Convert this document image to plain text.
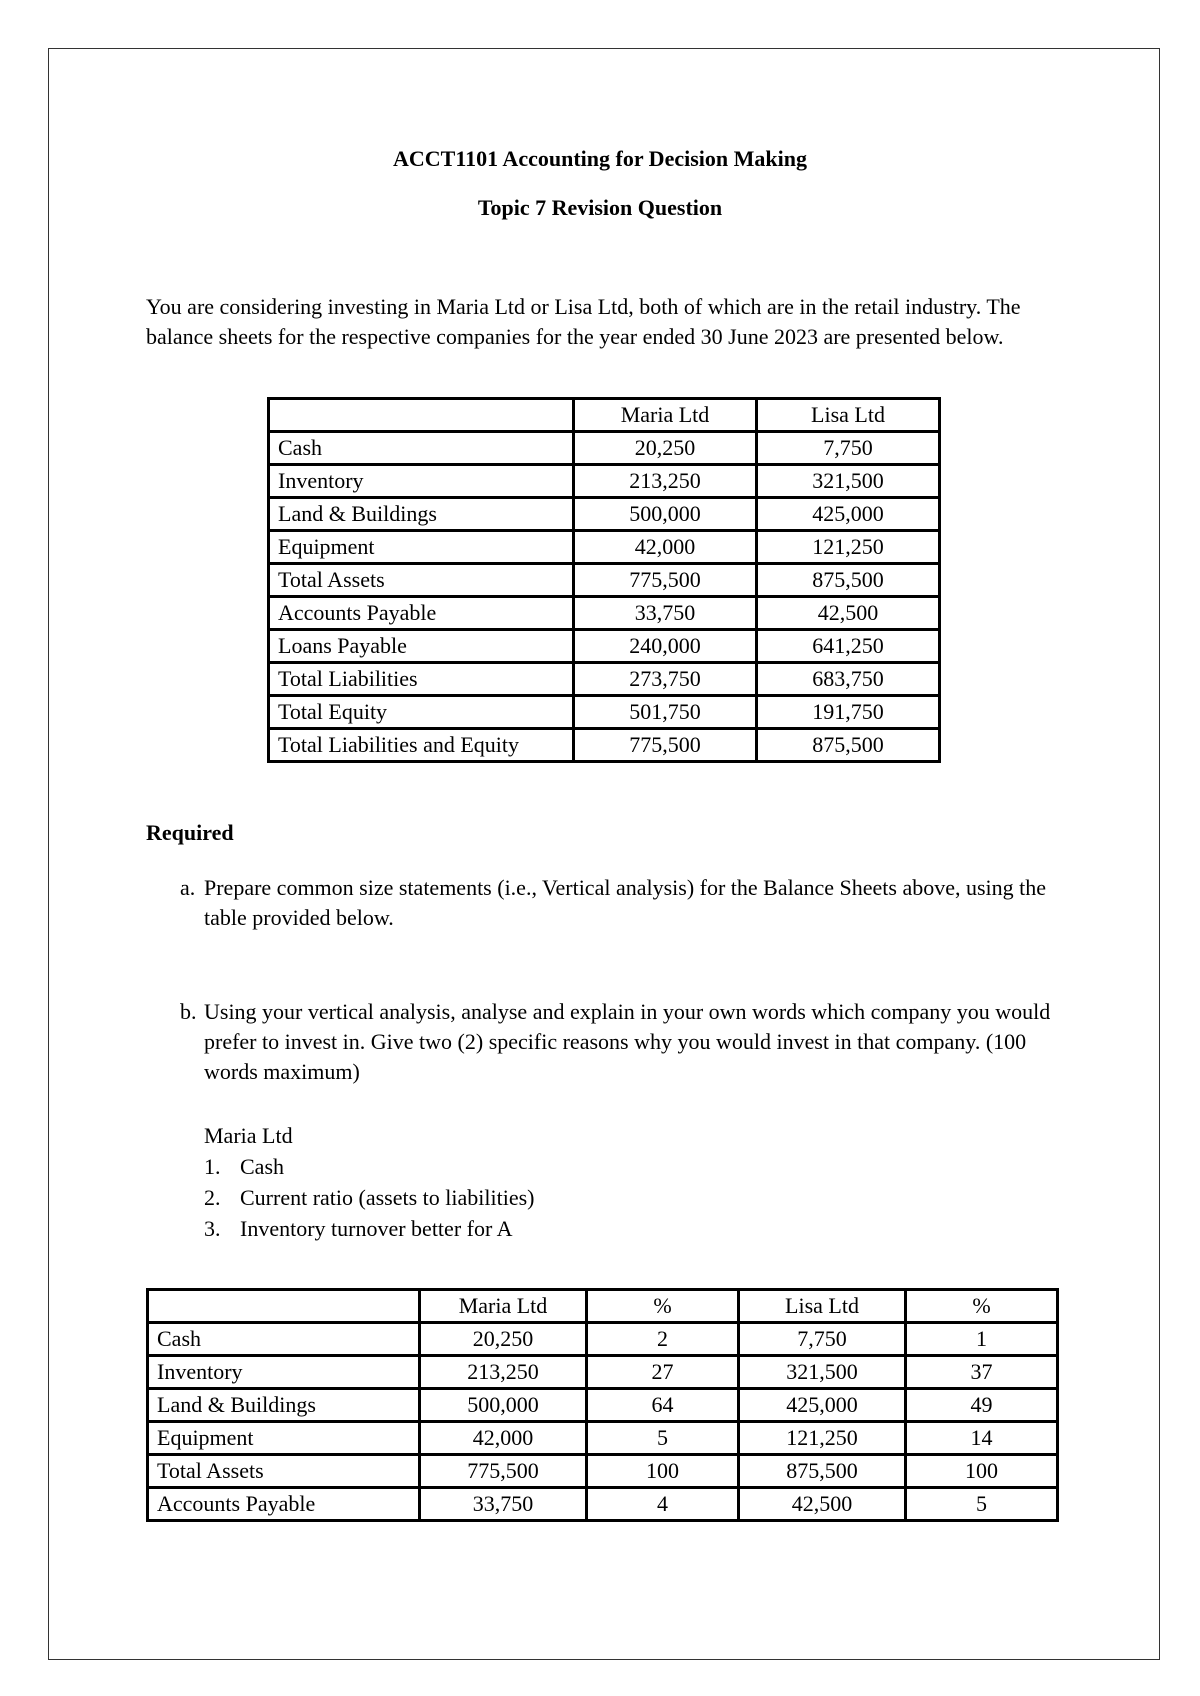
ACCT1101 Accounting for Decision Making
Topic 7 Revision Question
You are considering investing in Maria Ltd or Lisa Ltd, both of which are in the retail industry. The balance sheets for the respective companies for the year ended 30 June 2023 are presented below.
	Maria Ltd	Lisa Ltd
Cash	20,250	7,750
Inventory	213,250	321,500
Land & Buildings	500,000	425,000
Equipment	42,000	121,250
Total Assets	775,500	875,500
Accounts Payable	33,750	42,500
Loans Payable	240,000	641,250
Total Liabilities	273,750	683,750
Total Equity	501,750	191,750
Total Liabilities and Equity	775,500	875,500
Required
a. Prepare common size statements (i.e., Vertical analysis) for the Balance Sheets above, using the table provided below.
b. Using your vertical analysis, analyse and explain in your own words which company you would prefer to invest in. Give two (2) specific reasons why you would invest in that company. (100 words maximum)
Maria Ltd
1. Cash
2. Current ratio (assets to liabilities)
3. Inventory turnover better for A
	Maria Ltd	%	Lisa Ltd	%
Cash	20,250	2	7,750	1
Inventory	213,250	27	321,500	37
Land & Buildings	500,000	64	425,000	49
Equipment	42,000	5	121,250	14
Total Assets	775,500	100	875,500	100
Accounts Payable	33,750	4	42,500	5
